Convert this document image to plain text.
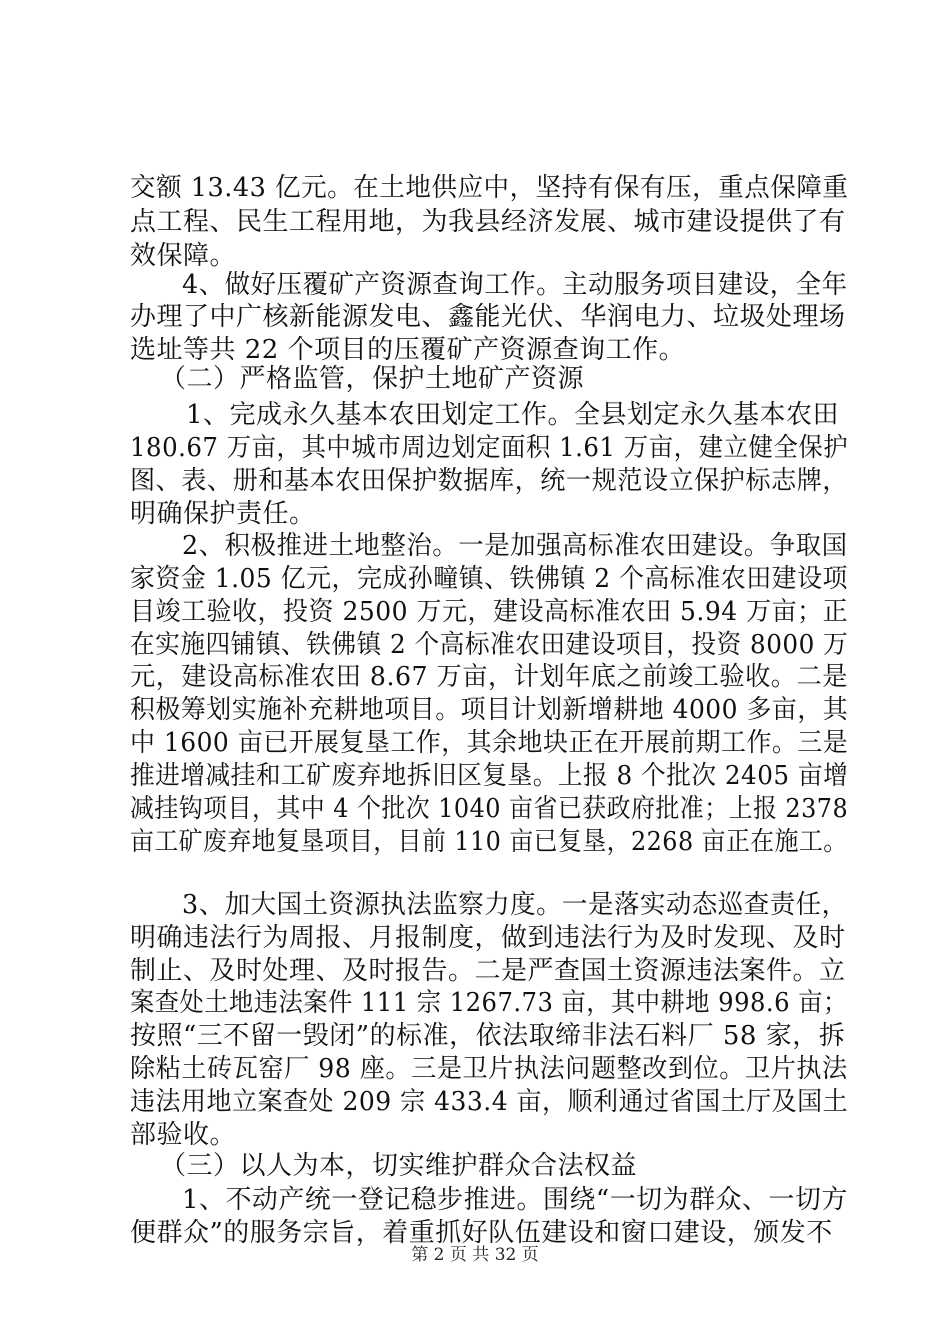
交额 13.43 亿元。在土地供应中，坚持有保有压，重点保障重
点工程、民生工程用地，为我县经济发展、城市建设提供了有
效保障。
4、做好压覆矿产资源查询工作。主动服务项目建设，全年
办理了中广核新能源发电、鑫能光伏、华润电力、垃圾处理场
选址等共 22 个项目的压覆矿产资源查询工作。
（二）严格监管，保护土地矿产资源
1、完成永久基本农田划定工作。全县划定永久基本农田
180.67 万亩，其中城市周边划定面积 1.61 万亩，建立健全保护
图、表、册和基本农田保护数据库，统一规范设立保护标志牌，
明确保护责任。
2、积极推进土地整治。一是加强高标准农田建设。争取国
家资金 1.05 亿元，完成孙疃镇、铁佛镇 2 个高标准农田建设项
目竣工验收，投资 2500 万元，建设高标准农田 5.94 万亩；正
在实施四铺镇、铁佛镇 2 个高标准农田建设项目，投资 8000 万
元，建设高标准农田 8.67 万亩，计划年底之前竣工验收。二是
积极筹划实施补充耕地项目。项目计划新增耕地 4000 多亩，其
中 1600 亩已开展复垦工作，其余地块正在开展前期工作。三是
推进增减挂和工矿废弃地拆旧区复垦。上报 8 个批次 2405 亩增
减挂钩项目，其中 4 个批次 1040 亩省已获政府批准；上报 2378
亩工矿废弃地复垦项目，目前 110 亩已复垦，2268 亩正在施工。
3、加大国土资源执法监察力度。一是落实动态巡查责任，
明确违法行为周报、月报制度，做到违法行为及时发现、及时
制止、及时处理、及时报告。二是严查国土资源违法案件。立
案查处土地违法案件 111 宗 1267.73 亩，其中耕地 998.6 亩；
按照“三不留一毁闭”的标准，依法取缔非法石料厂 58 家，拆
除粘土砖瓦窑厂 98 座。三是卫片执法问题整改到位。卫片执法
违法用地立案查处 209 宗 433.4 亩，顺利通过省国土厅及国土
部验收。
（三）以人为本，切实维护群众合法权益
1、不动产统一登记稳步推进。围绕“一切为群众、一切方
便群众”的服务宗旨，着重抓好队伍建设和窗口建设，颁发不
第 2 页 共 32 页
